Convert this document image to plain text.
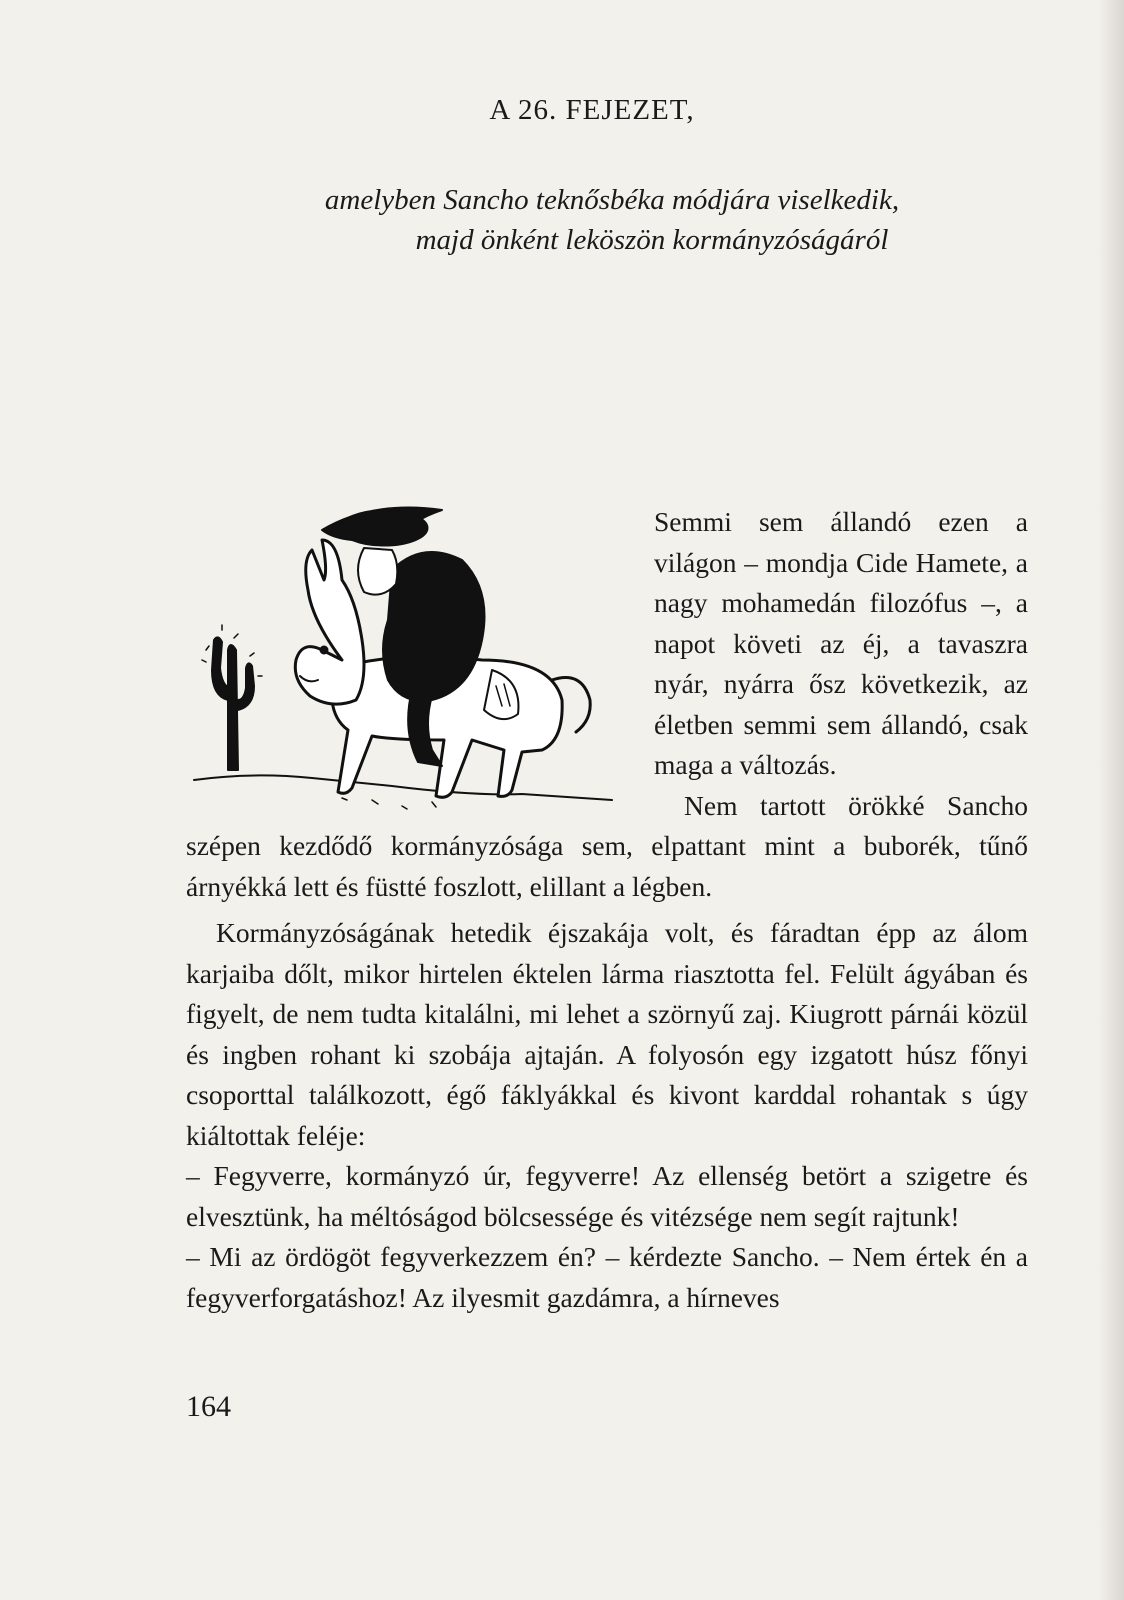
A 26. FEJEZET,
amelyben Sancho teknősbéka módjára viselkedik,
majd önként leköszön kormányzóságáról

Semmi sem állandó ezen a világon – mondja Cide Hamete, a nagy mohamedán filozófus –, a napot követi az éj, a tavaszra nyár, nyárra ősz következik, az életben semmi sem állandó, csak maga a változás.

Nem tartott örökké Sancho szépen kezdődő kormányzósága sem, elpattant mint a buborék, tűnő árnyékká lett és füstté foszlott, elillant a légben.

Kormányzóságának hetedik éjszakája volt, és fáradtan épp az álom karjaiba dőlt, mikor hirtelen éktelen lárma riasztotta fel. Felült ágyában és figyelt, de nem tudta kitalálni, mi lehet a szörnyű zaj. Kiugrott párnái közül és ingben rohant ki szobája ajtaján. A folyosón egy izgatott húsz főnyi csoporttal találkozott, égő fáklyákkal és kivont karddal rohantak s úgy kiáltottak feléje:

– Fegyverre, kormányzó úr, fegyverre! Az ellenség betört a szigetre és elvesztünk, ha méltóságod bölcsessége és vitézsége nem segít rajtunk!

– Mi az ördögöt fegyverkezzem én? – kérdezte Sancho. – Nem értek én a fegyverforgatáshoz! Az ilyesmit gazdámra, a hírneves

164
